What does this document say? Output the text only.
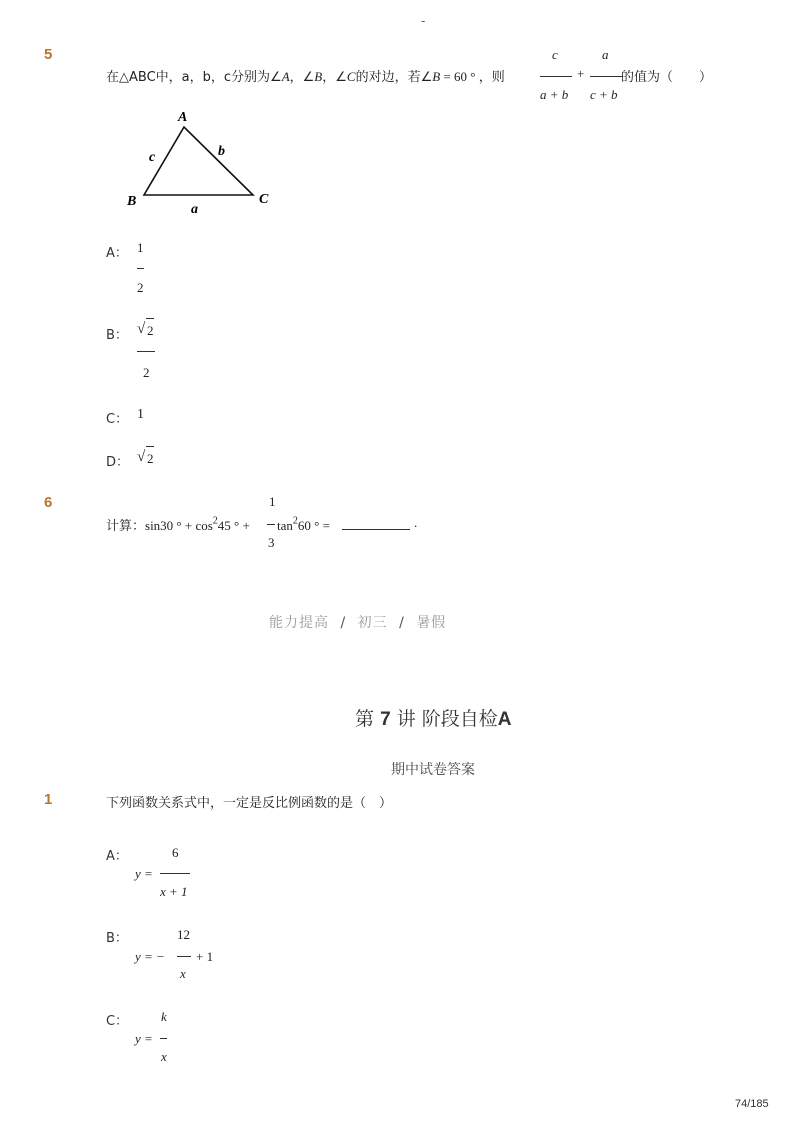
-
5
在△ABC中，a，b，c分别为∠A，∠B，∠C的对边，若∠B = 60 ° ，则
c
a + b
+
a
c + b
的值为（　　）
A
B	C
c	b
a
A： 1
2
B： √ 2
2
C： 1
D： √ 2
6
计算：sin30 ° + $\cos^245$ ° +
1
3
$\tan^260$ ° =	.
能力提高 / 初三 / 暑假
第 7 讲 阶段自检A
期中试卷答案
1	下列函数关系式中，一定是反比例函数的是（　）
A：
y =
6
x + 1
B：
y = −
12
x
+ 1
C：
y =
k
x
74/185
